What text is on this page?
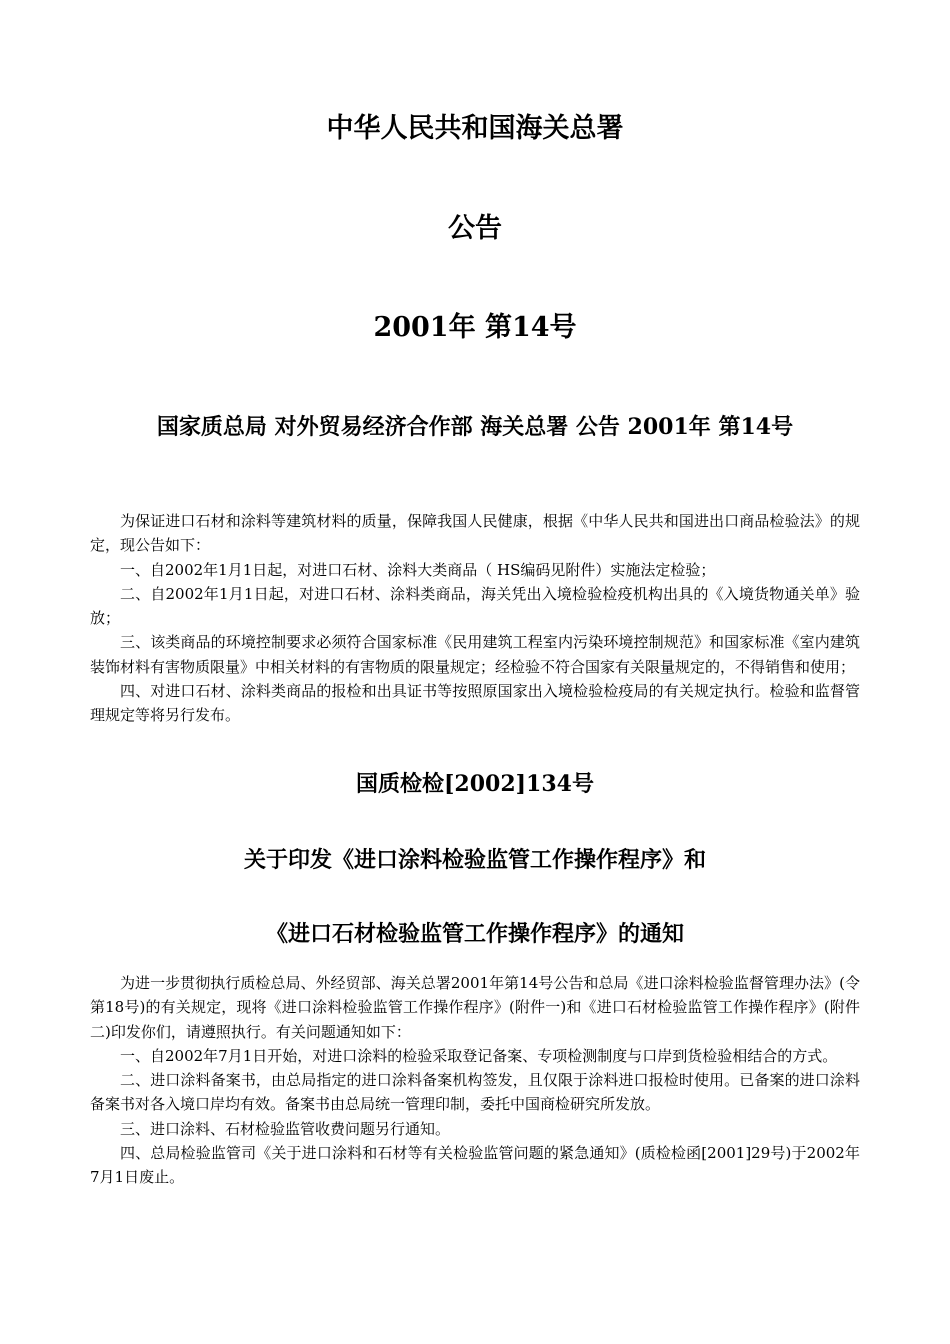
中华人民共和国海关总署
公告
2001年 第14号
国家质总局 对外贸易经济合作部 海关总署 公告 2001年 第14号

为保证进口石材和涂料等建筑材料的质量，保障我国人民健康，根据《中华人民共和国进出口商品检验法》的规定，现公告如下：

一、自2002年1月1日起，对进口石材、涂料大类商品（ HS编码见附件）实施法定检验；

二、自2002年1月1日起，对进口石材、涂料类商品，海关凭出入境检验检疫机构出具的《入境货物通关单》验放；

三、该类商品的环境控制要求必须符合国家标准《民用建筑工程室内污染环境控制规范》和国家标准《室内建筑装饰材料有害物质限量》中相关材料的有害物质的限量规定；经检验不符合国家有关限量规定的，不得销售和使用；

四、对进口石材、涂料类商品的报检和出具证书等按照原国家出入境检验检疫局的有关规定执行。检验和监督管理规定等将另行发布。

国质检检[2002]134号
关于印发《进口涂料检验监管工作操作程序》和
《进口石材检验监管工作操作程序》的通知

为进一步贯彻执行质检总局、外经贸部、海关总署2001年第14号公告和总局《进口涂料检验监督管理办法》(令第18号)的有关规定，现将《进口涂料检验监管工作操作程序》(附件一)和《进口石材检验监管工作操作程序》(附件二)印发你们，请遵照执行。有关问题通知如下：

一、自2002年7月1日开始，对进口涂料的检验采取登记备案、专项检测制度与口岸到货检验相结合的方式。

二、进口涂料备案书，由总局指定的进口涂料备案机构签发，且仅限于涂料进口报检时使用。已备案的进口涂料备案书对各入境口岸均有效。备案书由总局统一管理印制，委托中国商检研究所发放。

三、进口涂料、石材检验监管收费问题另行通知。

四、总局检验监管司《关于进口涂料和石材等有关检验监管问题的紧急通知》(质检检函[2001]29号)于2002年7月1日废止。
